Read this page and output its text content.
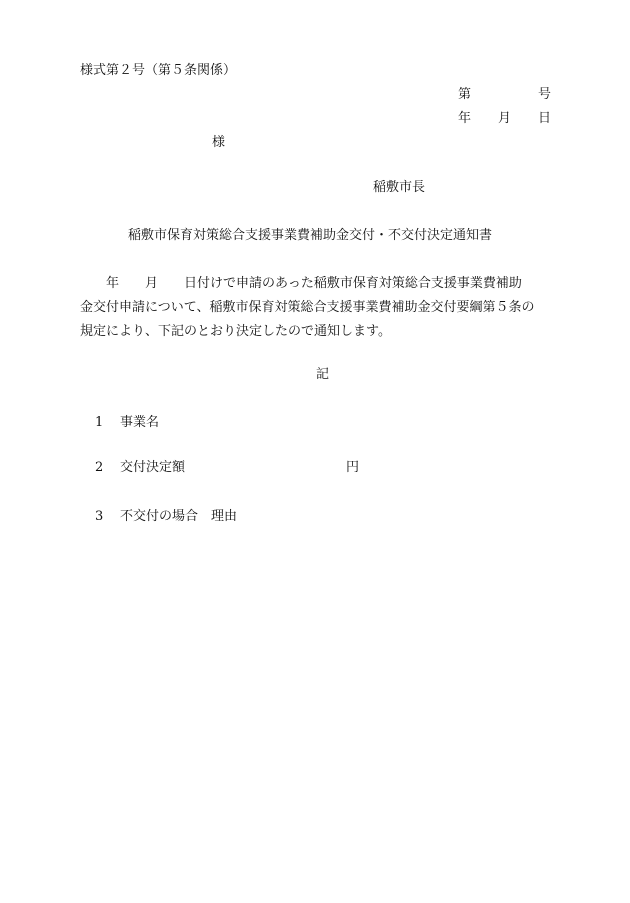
様式第２号（第５条関係）
第	号
年 月 日
様
稲敷市長
稲敷市保育対策総合支援事業費補助金交付・不交付決定通知書
　　年　　月　　日付けで申請のあった稲敷市保育対策総合支援事業費補助
金交付申請について、稲敷市保育対策総合支援事業費補助金交付要綱第５条の
規定により、下記のとおり決定したので通知します。
記
1 事業名
2 交付決定額	円
3 不交付の場合　理由
